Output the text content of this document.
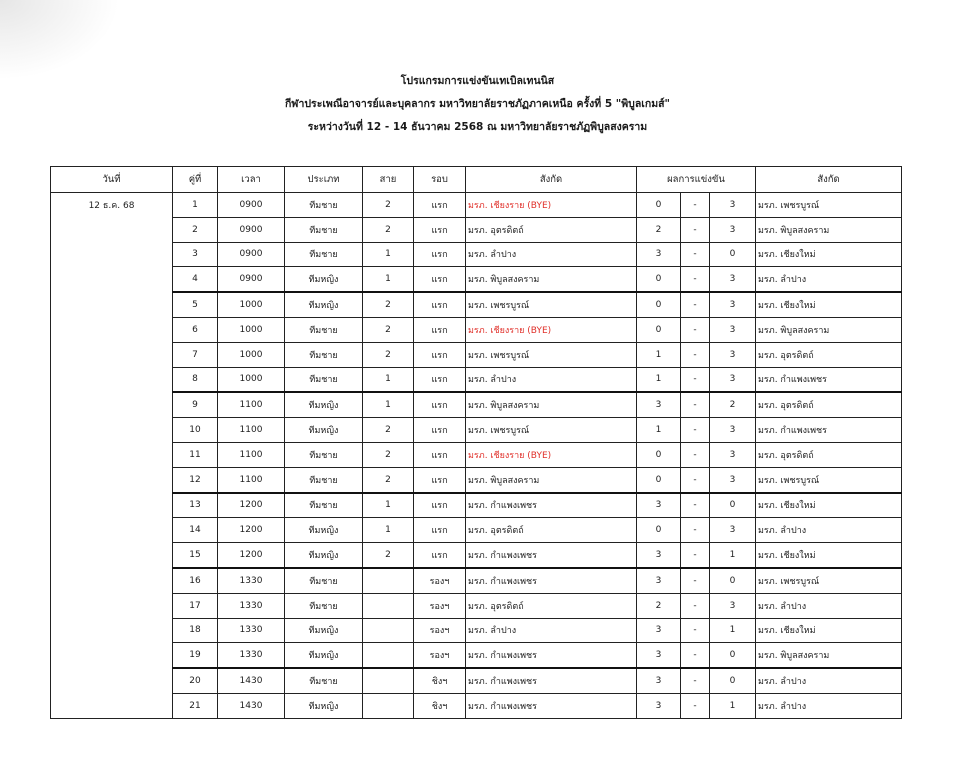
โปรแกรมการแข่งขันเทเบิลเทนนิส
กีฬาประเพณีอาจารย์และบุคลากร มหาวิทยาลัยราชภัฏภาคเหนือ ครั้งที่ 5 "พิบูลเกมส์"
ระหว่างวันที่ 12 - 14 ธันวาคม 2568 ณ มหาวิทยาลัยราชภัฏพิบูลสงคราม
วันที่	คู่ที่	เวลา	ประเภท	สาย	รอบ	สังกัด	ผลการแข่งขัน			สังกัด
12 ธ.ค. 68	1	0900	ทีมชาย	2	แรก	มรภ. เชียงราย (BYE)	0	-	3	มรภ. เพชรบูรณ์
	2	0900	ทีมชาย	2	แรก	มรภ. อุตรดิตถ์	2	-	3	มรภ. พิบูลสงคราม
	3	0900	ทีมชาย	1	แรก	มรภ. ลำปาง	3	-	0	มรภ. เชียงใหม่
	4	0900	ทีมหญิง	1	แรก	มรภ. พิบูลสงคราม	0	-	3	มรภ. ลำปาง
	5	1000	ทีมหญิง	2	แรก	มรภ. เพชรบูรณ์	0	-	3	มรภ. เชียงใหม่
	6	1000	ทีมชาย	2	แรก	มรภ. เชียงราย (BYE)	0	-	3	มรภ. พิบูลสงคราม
	7	1000	ทีมชาย	2	แรก	มรภ. เพชรบูรณ์	1	-	3	มรภ. อุตรดิตถ์
	8	1000	ทีมชาย	1	แรก	มรภ. ลำปาง	1	-	3	มรภ. กำแพงเพชร
	9	1100	ทีมหญิง	1	แรก	มรภ. พิบูลสงคราม	3	-	2	มรภ. อุตรดิตถ์
	10	1100	ทีมหญิง	2	แรก	มรภ. เพชรบูรณ์	1	-	3	มรภ. กำแพงเพชร
	11	1100	ทีมชาย	2	แรก	มรภ. เชียงราย (BYE)	0	-	3	มรภ. อุตรดิตถ์
	12	1100	ทีมชาย	2	แรก	มรภ. พิบูลสงคราม	0	-	3	มรภ. เพชรบูรณ์
	13	1200	ทีมชาย	1	แรก	มรภ. กำแพงเพชร	3	-	0	มรภ. เชียงใหม่
	14	1200	ทีมหญิง	1	แรก	มรภ. อุตรดิตถ์	0	-	3	มรภ. ลำปาง
	15	1200	ทีมหญิง	2	แรก	มรภ. กำแพงเพชร	3	-	1	มรภ. เชียงใหม่
	16	1330	ทีมชาย		รองฯ	มรภ. กำแพงเพชร	3	-	0	มรภ. เพชรบูรณ์
	17	1330	ทีมชาย		รองฯ	มรภ. อุตรดิตถ์	2	-	3	มรภ. ลำปาง
	18	1330	ทีมหญิง		รองฯ	มรภ. ลำปาง	3	-	1	มรภ. เชียงใหม่
	19	1330	ทีมหญิง		รองฯ	มรภ. กำแพงเพชร	3	-	0	มรภ. พิบูลสงคราม
	20	1430	ทีมชาย		ชิงฯ	มรภ. กำแพงเพชร	3	-	0	มรภ. ลำปาง
	21	1430	ทีมหญิง		ชิงฯ	มรภ. กำแพงเพชร	3	-	1	มรภ. ลำปาง
